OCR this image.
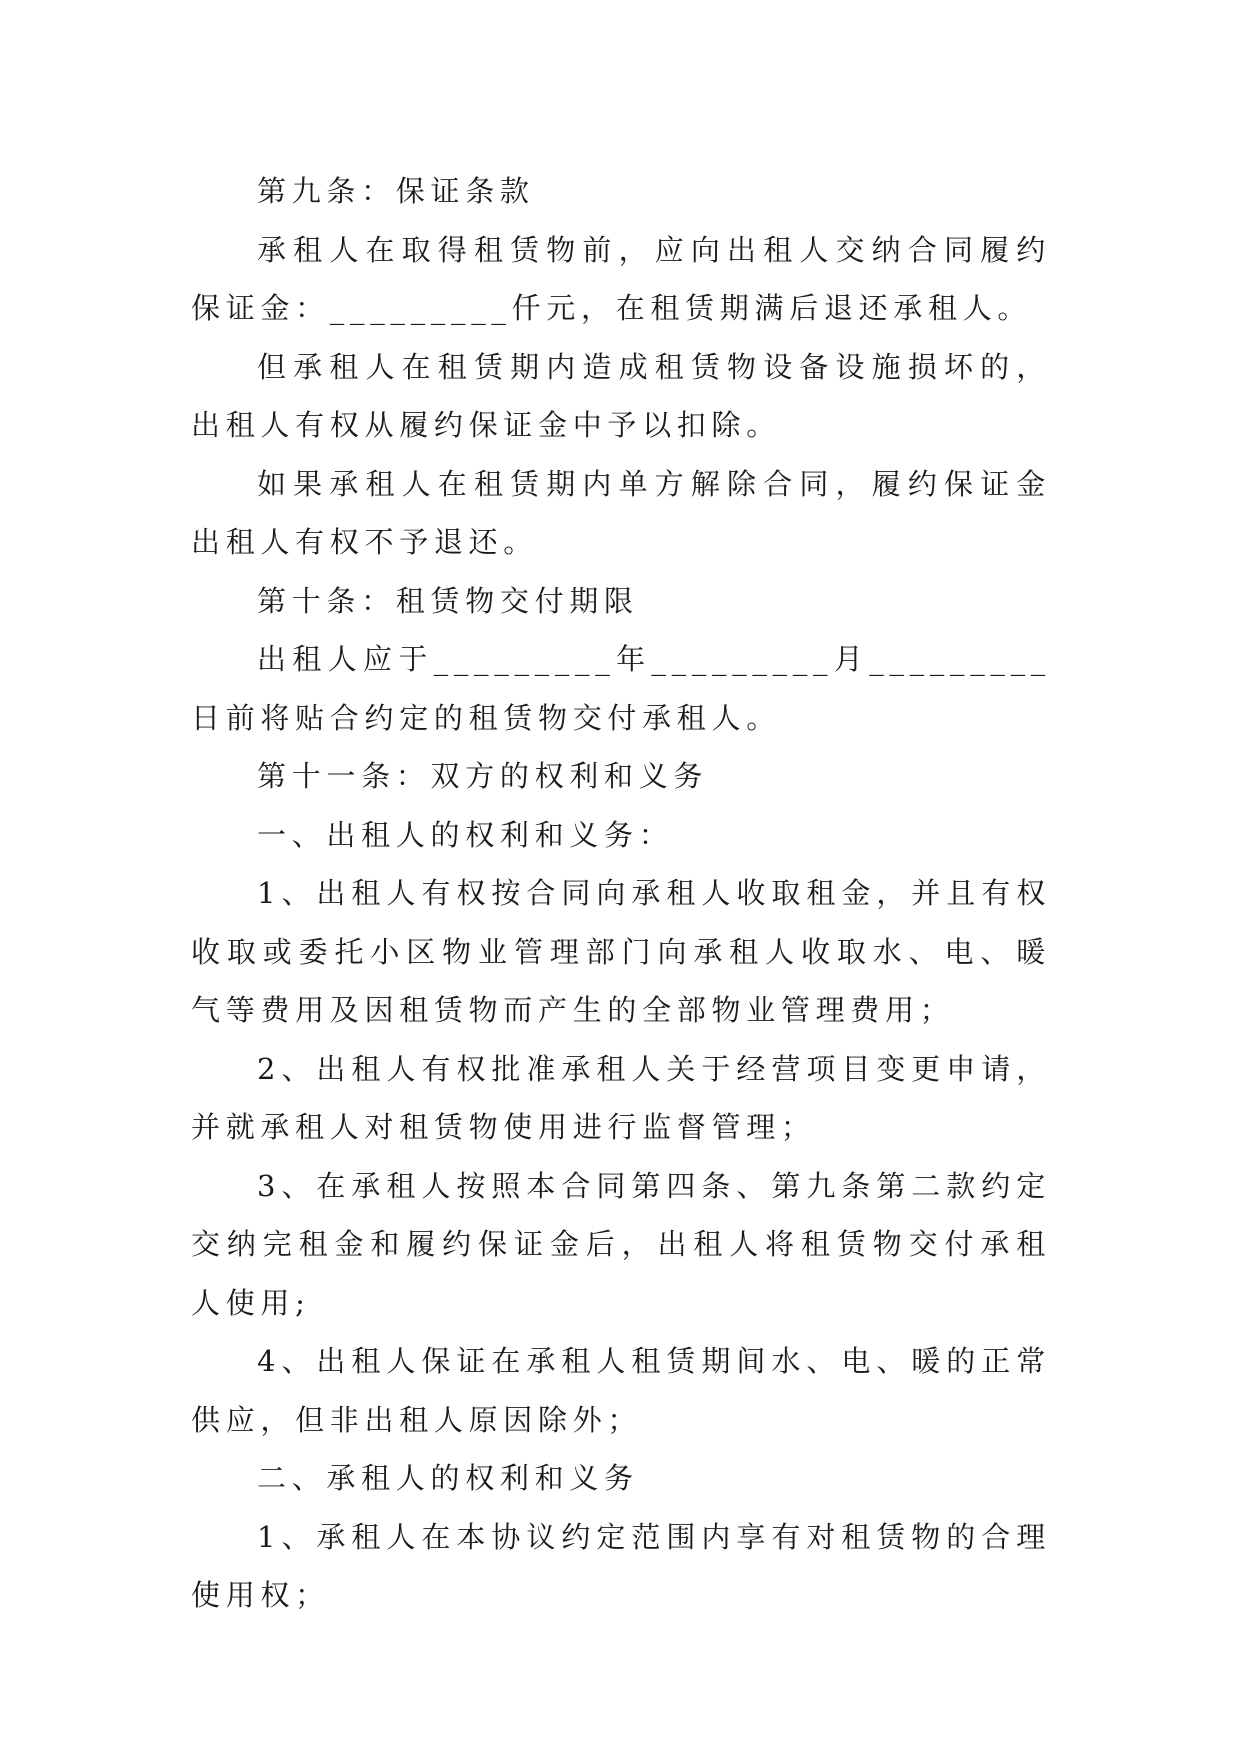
第九条：保证条款

承租人在取得租赁物前，应向出租人交纳合同履约保证金：_________仟元，在租赁期满后退还承租人。

但承租人在租赁期内造成租赁物设备设施损坏的，出租人有权从履约保证金中予以扣除。

如果承租人在租赁期内单方解除合同，履约保证金出租人有权不予退还。

第十条：租赁物交付期限

出租人应于_________年_________月_________日前将贴合约定的租赁物交付承租人。

第十一条：双方的权利和义务

一、出租人的权利和义务：

1、出租人有权按合同向承租人收取租金，并且有权收取或委托小区物业管理部门向承租人收取水、电、暖气等费用及因租赁物而产生的全部物业管理费用；

2、出租人有权批准承租人关于经营项目变更申请，并就承租人对租赁物使用进行监督管理；

3、在承租人按照本合同第四条、第九条第二款约定交纳完租金和履约保证金后，出租人将租赁物交付承租人使用;

4、出租人保证在承租人租赁期间水、电、暖的正常供应，但非出租人原因除外；

二、承租人的权利和义务

1、承租人在本协议约定范围内享有对租赁物的合理使用权；
